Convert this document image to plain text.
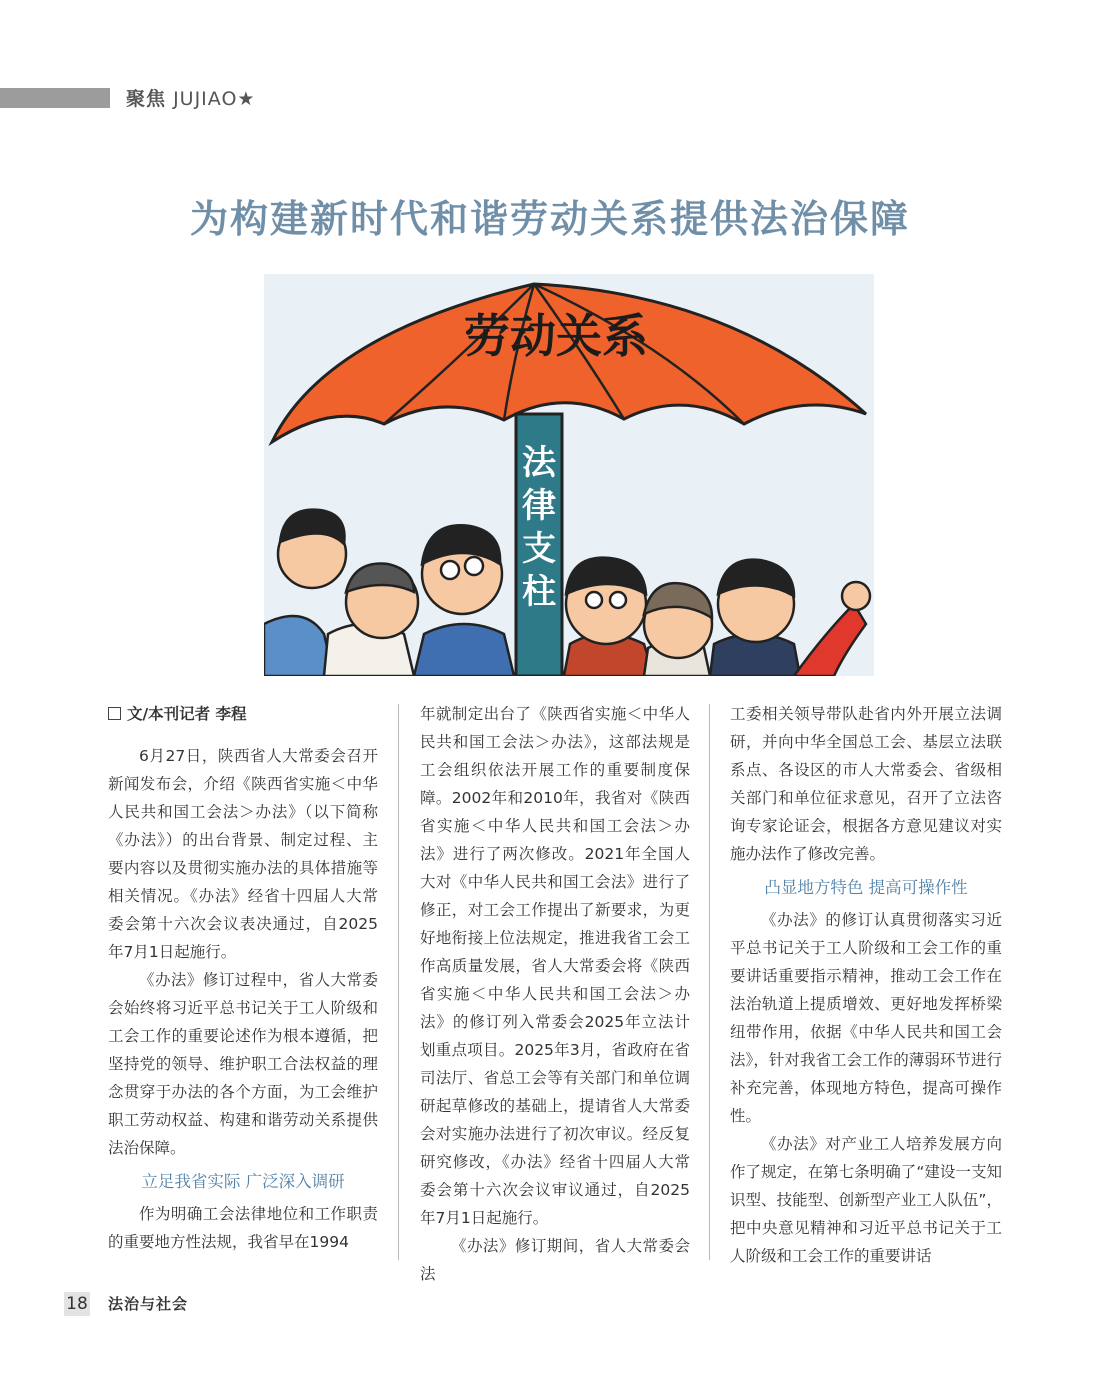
聚焦 JUJIAO★
为构建新时代和谐劳动关系提供法治保障
劳动关系
法
律
支
柱

文/本刊记者 李程

6月27日，陕西省人大常委会召开新闻发布会，介绍《陕西省实施＜中华人民共和国工会法＞办法》（以下简称《办法》）的出台背景、制定过程、主要内容以及贯彻实施办法的具体措施等相关情况。《办法》经省十四届人大常委会第十六次会议表决通过，自2025年7月1日起施行。

《办法》修订过程中，省人大常委会始终将习近平总书记关于工人阶级和工会工作的重要论述作为根本遵循，把坚持党的领导、维护职工合法权益的理念贯穿于办法的各个方面，为工会维护职工劳动权益、构建和谐劳动关系提供法治保障。

立足我省实际 广泛深入调研

作为明确工会法律地位和工作职责的重要地方性法规，我省早在1994

年就制定出台了《陕西省实施＜中华人民共和国工会法＞办法》，这部法规是工会组织依法开展工作的重要制度保障。2002年和2010年，我省对《陕西省实施＜中华人民共和国工会法＞办法》进行了两次修改。2021年全国人大对《中华人民共和国工会法》进行了修正，对工会工作提出了新要求，为更好地衔接上位法规定，推进我省工会工作高质量发展，省人大常委会将《陕西省实施＜中华人民共和国工会法＞办法》的修订列入常委会2025年立法计划重点项目。2025年3月，省政府在省司法厅、省总工会等有关部门和单位调研起草修改的基础上，提请省人大常委会对实施办法进行了初次审议。经反复研究修改，《办法》经省十四届人大常委会第十六次会议审议通过，自2025年7月1日起施行。

《办法》修订期间，省人大常委会法

工委相关领导带队赴省内外开展立法调研，并向中华全国总工会、基层立法联系点、各设区的市人大常委会、省级相关部门和单位征求意见，召开了立法咨询专家论证会，根据各方意见建议对实施办法作了修改完善。

凸显地方特色 提高可操作性

《办法》的修订认真贯彻落实习近平总书记关于工人阶级和工会工作的重要讲话重要指示精神，推动工会工作在法治轨道上提质增效、更好地发挥桥梁纽带作用，依据《中华人民共和国工会法》，针对我省工会工作的薄弱环节进行补充完善，体现地方特色，提高可操作性。

《办法》对产业工人培养发展方向作了规定，在第七条明确了“建设一支知识型、技能型、创新型产业工人队伍”，把中央意见精神和习近平总书记关于工人阶级和工会工作的重要讲话

18 法治与社会
